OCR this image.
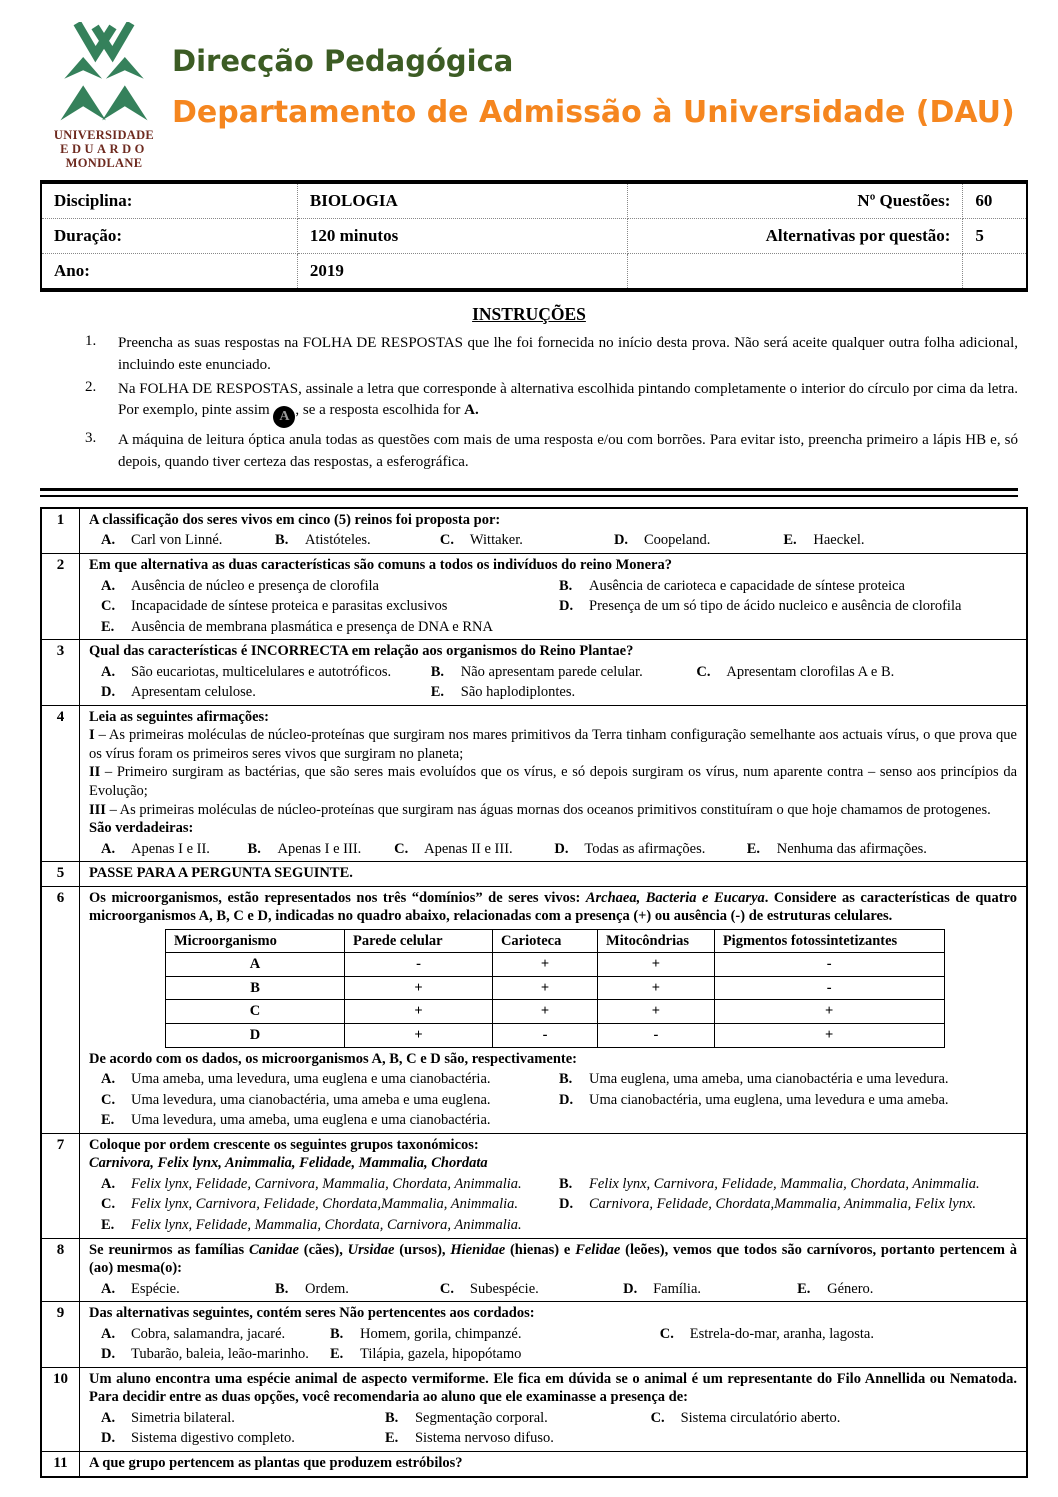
UNIVERSIDADE
EDUARDO
MONDLANE
Direcção Pedagógica
Departamento de Admissão à Universidade (DAU)
Disciplina:	BIOLOGIA	Nº Questões:	60
Duração:	120 minutos	Alternativas por questão:	5
Ano:	2019		
INSTRUÇÕES
1.	Preencha as suas respostas na FOLHA DE RESPOSTAS que lhe foi fornecida no início desta prova. Não será aceite qualquer outra folha adicional, incluindo este enunciado.
2.	Na FOLHA DE RESPOSTAS, assinale a letra que corresponde à alternativa escolhida pintando completamente o interior do círculo por cima da letra. Por exemplo, pinte assim A , se a resposta escolhida for A.
3.	A máquina de leitura óptica anula todas as questões com mais de uma resposta e/ou com borrões. Para evitar isto, preencha primeiro a lápis HB e, só depois, quando tiver certeza das respostas, a esferográfica.
1	A classificação dos seres vivos em cinco (5) reinos foi proposta por:
A.	Carl von Linné.	B.	Atistóteles.	C.	Wittaker.	D.	Coopeland.	E.	Haeckel.
2	Em que alternativa as duas características são comuns a todos os indivíduos do reino Monera?
A.	Ausência de núcleo e presença de clorofila	B.	Ausência de carioteca e capacidade de síntese proteica
C.	Incapacidade de síntese proteica e parasitas exclusivos	D.	Presença de um só tipo de ácido nucleico e ausência de clorofila
E.	Ausência de membrana plasmática e presença de DNA e RNA
3	Qual das características é INCORRECTA em relação aos organismos do Reino Plantae?
A.	São eucariotas, multicelulares e autotróficos.	B.	Não apresentam parede celular.	C.	Apresentam clorofilas A e B.
D.	Apresentam celulose.	E.	São haplodiplontes.
4	Leia as seguintes afirmações:
I – As primeiras moléculas de núcleo-proteínas que surgiram nos mares primitivos da Terra tinham configuração semelhante aos actuais vírus, o que prova que os vírus foram os primeiros seres vivos que surgiram no planeta;
II – Primeiro surgiram as bactérias, que são seres mais evoluídos que os vírus, e só depois surgiram os vírus, num aparente contra – senso aos princípios da Evolução;
III – As primeiras moléculas de núcleo-proteínas que surgiram nas águas mornas dos oceanos primitivos constituíram o que hoje chamamos de protogenes.
São verdadeiras:
A.	Apenas I e II.	B.	Apenas I e III.	C.	Apenas II e III.	D.	Todas as afirmações.	E.	Nenhuma das afirmações.
5	PASSE PARA A PERGUNTA SEGUINTE.
6	Os microorganismos, estão representados nos três “domínios” de seres vivos: Archaea, Bacteria e Eucarya. Considere as características de quatro microorganismos A, B, C e D, indicadas no quadro abaixo, relacionadas com a presença (+) ou ausência (-) de estruturas celulares.
Microorganismo	Parede celular	Carioteca	Mitocôndrias	Pigmentos fotossintetizantes
A	-	+	+	-
B	+	+	+	-
C	+	+	+	+
D	+	-	-	+
De acordo com os dados, os microorganismos A, B, C e D são, respectivamente:
A.	Uma ameba, uma levedura, uma euglena e uma cianobactéria.	B.	Uma euglena, uma ameba, uma cianobactéria e uma levedura.
C.	Uma levedura, uma cianobactéria, uma ameba e uma euglena.	D.	Uma cianobactéria, uma euglena, uma levedura e uma ameba.
E.	Uma levedura, uma ameba, uma euglena e uma cianobactéria.
7	Coloque por ordem crescente os seguintes grupos taxonómicos:
Carnivora, Felix lynx, Animmalia, Felidade, Mammalia, Chordata
A.	Felix lynx, Felidade, Carnivora, Mammalia, Chordata, Animmalia.	B.	Felix lynx, Carnivora, Felidade, Mammalia, Chordata, Animmalia.
C.	Felix lynx, Carnivora, Felidade, Chordata,Mammalia, Animmalia.	D.	Carnivora, Felidade, Chordata,Mammalia, Animmalia, Felix lynx.
E.	Felix lynx, Felidade, Mammalia, Chordata, Carnivora, Animmalia.
8	Se reunirmos as famílias Canidae (cães), Ursidae (ursos), Hienidae (hienas) e Felidae (leões), vemos que todos são carnívoros, portanto pertencem à (ao) mesma(o):
A.	Espécie.	B.	Ordem.	C.	Subespécie.	D.	Família.	E.	Género.
9	Das alternativas seguintes, contém seres Não pertencentes aos cordados:
A.	Cobra, salamandra, jacaré.	B.	Homem, gorila, chimpanzé.	C.	Estrela-do-mar, aranha, lagosta.
D.	Tubarão, baleia, leão-marinho.	E.	Tilápia, gazela, hipopótamo
10	Um aluno encontra uma espécie animal de aspecto vermiforme. Ele fica em dúvida se o animal é um representante do Filo Annellida ou Nematoda. Para decidir entre as duas opções, você recomendaria ao aluno que ele examinasse a presença de:
A.	Simetria bilateral.	B.	Segmentação corporal.	C.	Sistema circulatório aberto.
D.	Sistema digestivo completo.	E.	Sistema nervoso difuso.
11	A que grupo pertencem as plantas que produzem estróbilos?
